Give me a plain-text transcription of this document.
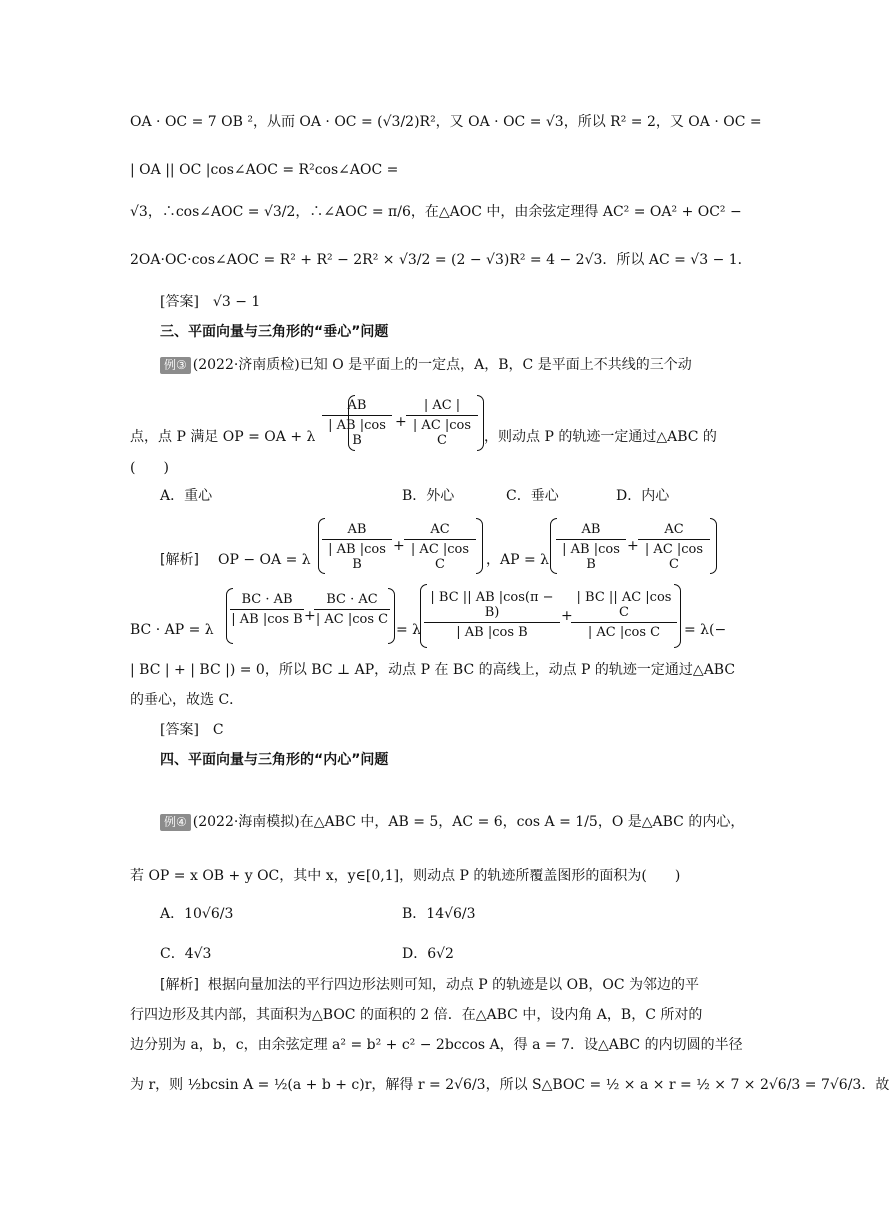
OA · OC = 7 OB ²，从而 OA · OC = (√3/2)R²，又 OA · OC = √3，所以 R² = 2，又 OA · OC =
| OA || OC |cos∠AOC = R²cos∠AOC =
√3，∴cos∠AOC = √3/2，∴∠AOC = π/6，在△AOC 中，由余弦定理得 AC² = OA² + OC² −
2OA·OC·cos∠AOC = R² + R² − 2R² × √3/2 = (2 − √3)R² = 4 − 2√3．所以 AC = √3 − 1．
[答案]　√3 − 1
三、平面向量与三角形的“垂心”问题
例③ (2022·济南质检)已知 O 是平面上的一定点，A，B，C 是平面上不共线的三个动
点，点 P 满足 OP = OA + λ
AB
| AB |cos B
+
| AC |
| AC |cos C	，则动点 P 的轨迹一定通过△ABC 的
(　　)
A．重心	B．外心	C．垂心	D．内心
[解析] OP − OA = λ
AB
| AB |cos B
+
AC
| AC |cos C	，AP = λ
AB
| AB |cos B
+
AC
| AC |cos C
BC · AP = λ
BC · AB
| AB |cos B +
BC · AC
| AC |cos C
= λ
| BC || AB |cos(π − B)
| AB |cos B
+
| BC || AC |cos C
| AC |cos C	= λ(−
| BC | + | BC |) = 0，所以 BC ⊥ AP，动点 P 在 BC 的高线上，动点 P 的轨迹一定通过△ABC
的垂心，故选 C．
[答案]　C
四、平面向量与三角形的“内心”问题
例④ (2022·海南模拟)在△ABC 中，AB = 5，AC = 6，cos A = 1/5，O 是△ABC 的内心，
若 OP = x OB + y OC，其中 x，y∈[0,1]，则动点 P 的轨迹所覆盖图形的面积为(　　)
A．10√6/3	B．14√6/3
C．4√3	D．6√2
[解析] 根据向量加法的平行四边形法则可知，动点 P 的轨迹是以 OB，OC 为邻边的平
行四边形及其内部，其面积为△BOC 的面积的 2 倍．在△ABC 中，设内角 A，B，C 所对的
边分别为 a，b，c，由余弦定理 a² = b² + c² − 2bccos A，得 a = 7．设△ABC 的内切圆的半径
为 r，则 ½bcsin A = ½(a + b + c)r，解得 r = 2√6/3，所以 S△BOC = ½ × a × r = ½ × 7 × 2√6/3 = 7√6/3．故
